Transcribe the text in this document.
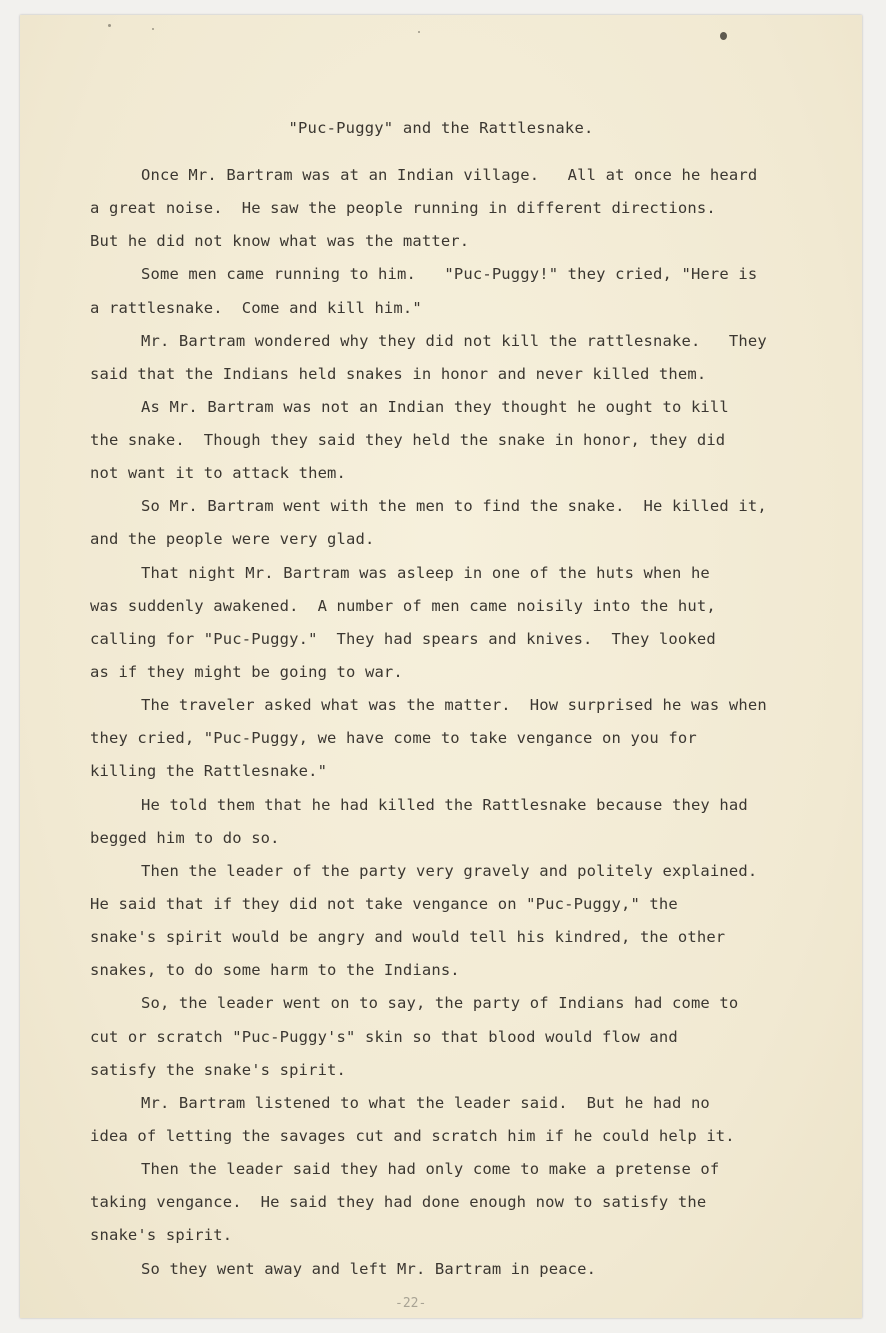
"Puc-Puggy" and the Rattlesnake.
Once Mr. Bartram was at an Indian village.   All at once he heard
a great noise.  He saw the people running in different directions.
But he did not know what was the matter.
Some men came running to him.   "Puc-Puggy!" they cried, "Here is
a rattlesnake.  Come and kill him."
Mr. Bartram wondered why they did not kill the rattlesnake.   They
said that the Indians held snakes in honor and never killed them.
As Mr. Bartram was not an Indian they thought he ought to kill
the snake.  Though they said they held the snake in honor, they did
not want it to attack them.
So Mr. Bartram went with the men to find the snake.  He killed it,
and the people were very glad.
That night Mr. Bartram was asleep in one of the huts when he
was suddenly awakened.  A number of men came noisily into the hut,
calling for "Puc-Puggy."  They had spears and knives.  They looked
as if they might be going to war.
The traveler asked what was the matter.  How surprised he was when
they cried, "Puc-Puggy, we have come to take vengance on you for
killing the Rattlesnake."
He told them that he had killed the Rattlesnake because they had
begged him to do so.
Then the leader of the party very gravely and politely explained.
He said that if they did not take vengance on "Puc-Puggy," the
snake's spirit would be angry and would tell his kindred, the other
snakes, to do some harm to the Indians.
So, the leader went on to say, the party of Indians had come to
cut or scratch "Puc-Puggy's" skin so that blood would flow and
satisfy the snake's spirit.
Mr. Bartram listened to what the leader said.  But he had no
idea of letting the savages cut and scratch him if he could help it.
Then the leader said they had only come to make a pretense of
taking vengance.  He said they had done enough now to satisfy the
snake's spirit.
So they went away and left Mr. Bartram in peace.
-22-
